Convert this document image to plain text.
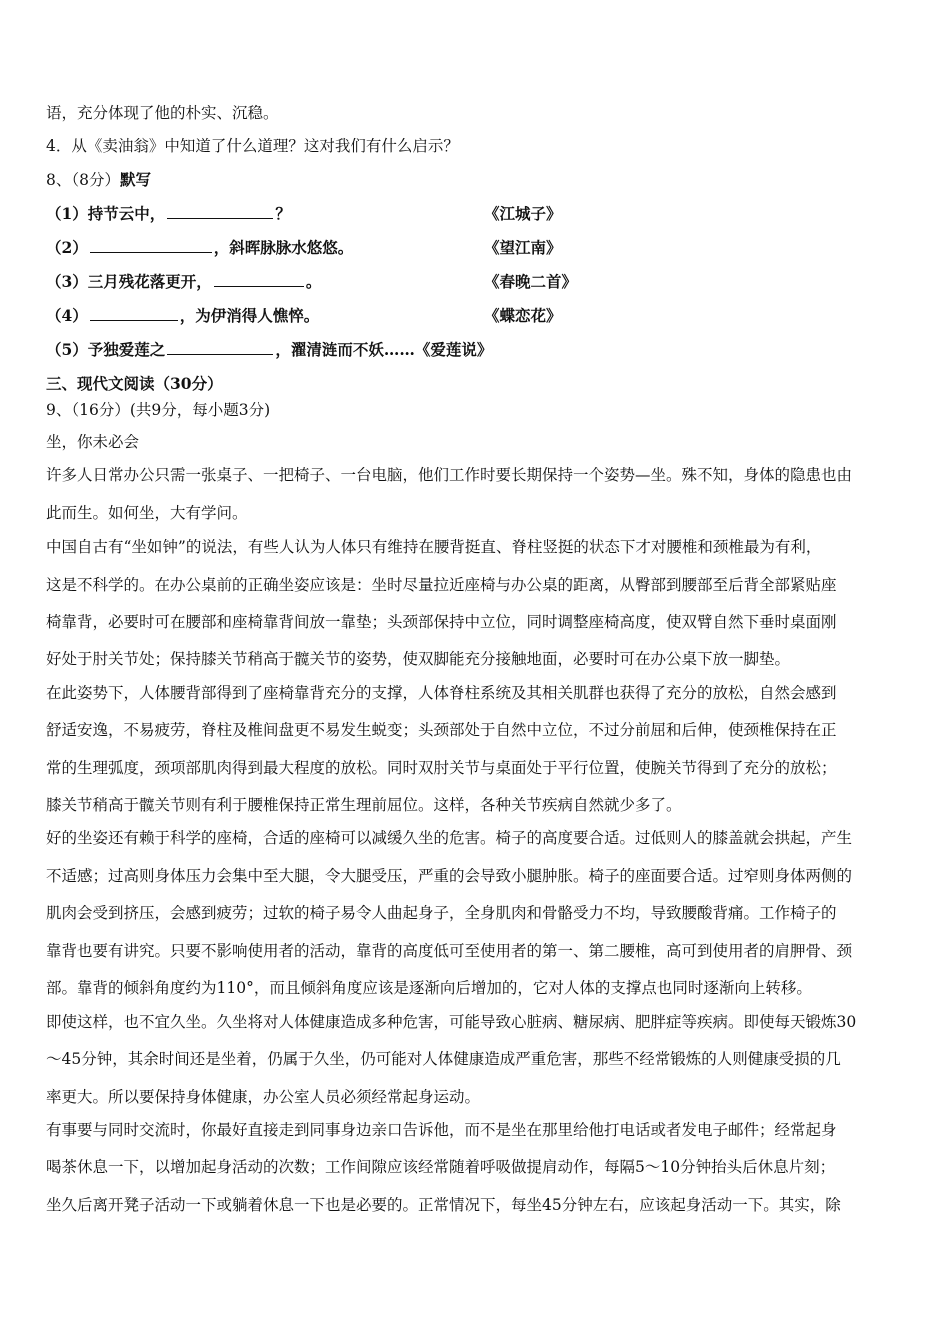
语，充分体现了他的朴实、沉稳。
4．从《卖油翁》中知道了什么道理？这对我们有什么启示？
8、（8分）默写
（1）持节云中，	？	《江城子》
（2）	，斜晖脉脉水悠悠。	《望江南》
（3）三月残花落更开，	。	《春晚二首》
（4）	，为伊消得人憔悴。	《蝶恋花》
（5）予独爱莲之	，濯清涟而不妖……《爱莲说》
三、现代文阅读（30分）
9、（16分）(共9分，每小题3分)
坐，你未必会
许多人日常办公只需一张桌子、一把椅子、一台电脑，他们工作时要长期保持一个姿势—坐。殊不知，身体的隐患也由
此而生。如何坐，大有学问。
中国自古有“坐如钟”的说法，有些人认为人体只有维持在腰背挺直、脊柱竖挺的状态下才对腰椎和颈椎最为有利，
这是不科学的。在办公桌前的正确坐姿应该是：坐时尽量拉近座椅与办公桌的距离，从臀部到腰部至后背全部紧贴座
椅靠背，必要时可在腰部和座椅靠背间放一靠垫；头颈部保持中立位，同时调整座椅高度，使双臂自然下垂时桌面刚
好处于肘关节处；保持膝关节稍高于髋关节的姿势，使双脚能充分接触地面，必要时可在办公桌下放一脚垫。
在此姿势下，人体腰背部得到了座椅靠背充分的支撑，人体脊柱系统及其相关肌群也获得了充分的放松，自然会感到
舒适安逸，不易疲劳，脊柱及椎间盘更不易发生蜕变；头颈部处于自然中立位，不过分前屈和后伸，使颈椎保持在正
常的生理弧度，颈项部肌肉得到最大程度的放松。同时双肘关节与桌面处于平行位置，使腕关节得到了充分的放松；
膝关节稍高于髋关节则有利于腰椎保持正常生理前屈位。这样，各种关节疾病自然就少多了。
好的坐姿还有赖于科学的座椅，合适的座椅可以减缓久坐的危害。椅子的高度要合适。过低则人的膝盖就会拱起，产生
不适感；过高则身体压力会集中至大腿，令大腿受压，严重的会导致小腿肿胀。椅子的座面要合适。过窄则身体两侧的
肌肉会受到挤压，会感到疲劳；过软的椅子易令人曲起身子，全身肌肉和骨骼受力不均，导致腰酸背痛。工作椅子的
靠背也要有讲究。只要不影响使用者的活动，靠背的高度低可至使用者的第一、第二腰椎，高可到使用者的肩胛骨、颈
部。靠背的倾斜角度约为110°，而且倾斜角度应该是逐渐向后增加的，它对人体的支撑点也同时逐渐向上转移。
即使这样，也不宜久坐。久坐将对人体健康造成多种危害，可能导致心脏病、糖尿病、肥胖症等疾病。即使每天锻炼30
～45分钟，其余时间还是坐着，仍属于久坐，仍可能对人体健康造成严重危害，那些不经常锻炼的人则健康受损的几
率更大。所以要保持身体健康，办公室人员必须经常起身运动。
有事要与同时交流时，你最好直接走到同事身边亲口告诉他，而不是坐在那里给他打电话或者发电子邮件；经常起身
喝茶休息一下，以增加起身活动的次数；工作间隙应该经常随着呼吸做提肩动作，每隔5～10分钟抬头后休息片刻；
坐久后离开凳子活动一下或躺着休息一下也是必要的。正常情况下，每坐45分钟左右，应该起身活动一下。其实，除
